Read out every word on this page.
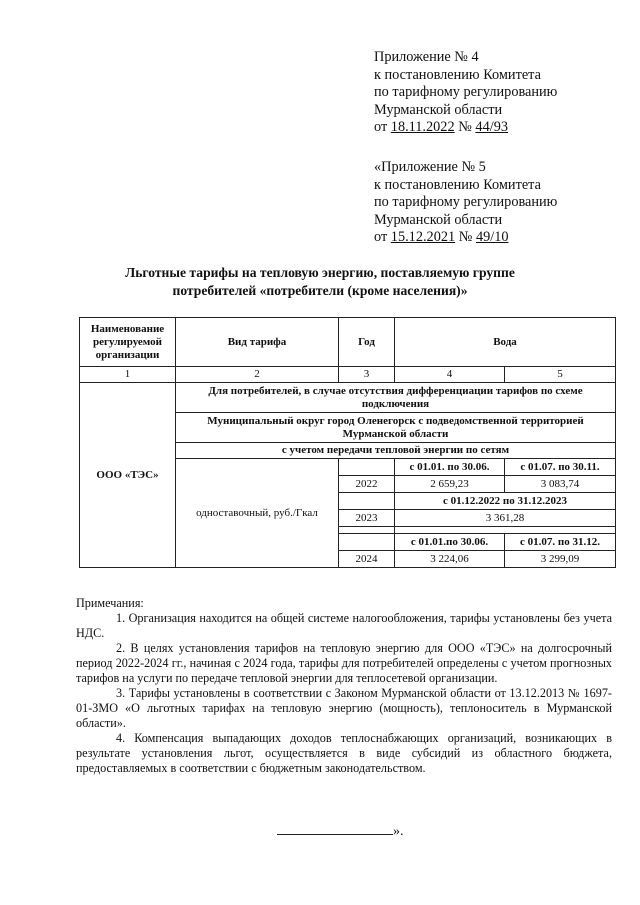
Приложение № 4
к постановлению Комитета
по тарифному регулированию
Мурманской области
от 18.11.2022 № 44/93
«Приложение № 5
к постановлению Комитета
по тарифному регулированию
Мурманской области
от 15.12.2021 № 49/10
Льготные тарифы на тепловую энергию, поставляемую группе
потребителей «потребители (кроме населения)»
Наименование регулируемой организации	Вид тарифа	Год	Вода	
1	2	3	4	5
ООО «ТЭС»	Для потребителей, в случае отсутствия дифференциации тарифов по схеме подключения			
	Муниципальный округ город Оленегорск с подведомственной территорией Мурманской области			
	с учетом передачи тепловой энергии по сетям			
	одноставочный, руб./Гкал		с 01.01. по 30.06.	с 01.07. по 30.11.
		2022	2 659,23	3 083,74
			с 01.12.2022 по 31.12.2023	
		2023	3 361,28	

			с 01.01.по 30.06.	с 01.07. по 31.12.
		2024	3 224,06	3 299,09

Примечания:

1. Организация находится на общей системе налогообложения, тарифы установлены без учета НДС.

2. В целях установления тарифов на тепловую энергию для ООО «ТЭС» на долгосрочный период 2022-2024 гг., начиная с 2024 года, тарифы для потребителей определены с учетом прогнозных тарифов на услуги по передаче тепловой энергии для теплосетевой организации.

3. Тарифы установлены в соответствии с Законом Мурманской области от 13.12.2013 № 1697-01-ЗМО «О льготных тарифах на тепловую энергию (мощность), теплоноситель в Мурманской области».

4. Компенсация выпадающих доходов теплоснабжающих организаций, возникающих в результате установления льгот, осуществляется в виде субсидий из областного бюджета, предоставляемых в соответствии с бюджетным законодательством.

».
